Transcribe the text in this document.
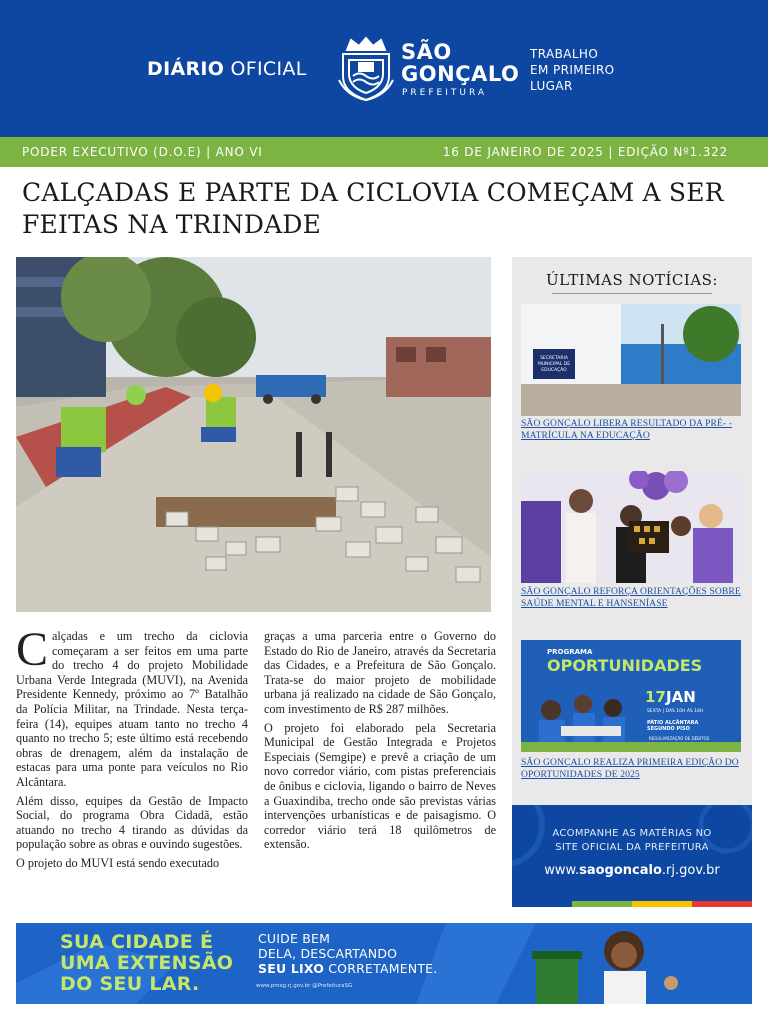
DIÁRIO OFICIAL
SÃO
GONÇALO
PREFEITURA
TRABALHO
EM PRIMEIRO
LUGAR
PODER EXECUTIVO (D.O.E) | ANO VI	16 DE JANEIRO DE 2025 | EDIÇÃO Nº1.322
CALÇADAS E PARTE DA CICLOVIA COMEÇAM A SER FEITAS NA TRINDADE

Calçadas e um trecho da ciclovia começaram a ser feitos em uma parte do trecho 4 do projeto Mobilidade Urbana Verde Integrada (MUVI), na Avenida Presidente Kennedy, próximo ao 7º Batalhão da Polícia Militar, na Trindade. Nesta terça-feira (14), equipes atuam tanto no trecho 4 quanto no trecho 5; este último está recebendo obras de drenagem, além da instalação de estacas para uma ponte para veículos no Rio Alcântara.

Além disso, equipes da Gestão de Impacto Social, do programa Obra Cidadã, estão atuando no trecho 4 tirando as dúvidas da população sobre as obras e ouvindo sugestões.

O projeto do MUVI está sendo executado

graças a uma parceria entre o Governo do Estado do Rio de Janeiro, através da Secretaria das Cidades, e a Prefeitura de São Gonçalo. Trata-se do maior projeto de mobilidade urbana já realizado na cidade de São Gonçalo, com investimento de R$ 287 milhões.

O projeto foi elaborado pela Secretaria Municipal de Gestão Integrada e Projetos Especiais (Semgipe) e prevê a criação de um novo corredor viário, com pistas preferenciais de ônibus e ciclovia, ligando o bairro de Neves a Guaxindiba, trecho onde são previstas várias intervenções urbanísticas e de paisagismo. O corredor viário terá 18 quilômetros de extensão.

ÚLTIMAS NOTÍCIAS:
SECRETARIA
MUNICIPAL DE
EDUCAÇÃO
SÃO GONÇALO LIBERA RESULTADO DA PRÉ- -MATRÍCULA NA EDUCAÇÃO
SÃO GONÇALO REFORÇA ORIENTAÇÕES SOBRE SAÚDE MENTAL E HANSENÍASE
PROGRAMA
OPORTUNIDADES
17 JAN
SEXTA | DAS 10H ÀS 16H
PÁTIO ALCÂNTARA
SEGUNDO PISO
REGULARIZAÇÃO DE DÉBITOS
SÃO GONÇALO REALIZA PRIMEIRA EDIÇÃO DO OPORTUNIDADES DE 2025
ACOMPANHE AS MATÉRIAS NO
SITE OFICIAL DA PREFEITURA
www.saogoncalo.rj.gov.br
SUA CIDADE É
UMA EXTENSÃO
DO SEU LAR.
CUIDE BEM
DELA, DESCARTANDO
SEU LIXO CORRETAMENTE.
www.pmsg.rj.gov.br @PrefeituraSG
